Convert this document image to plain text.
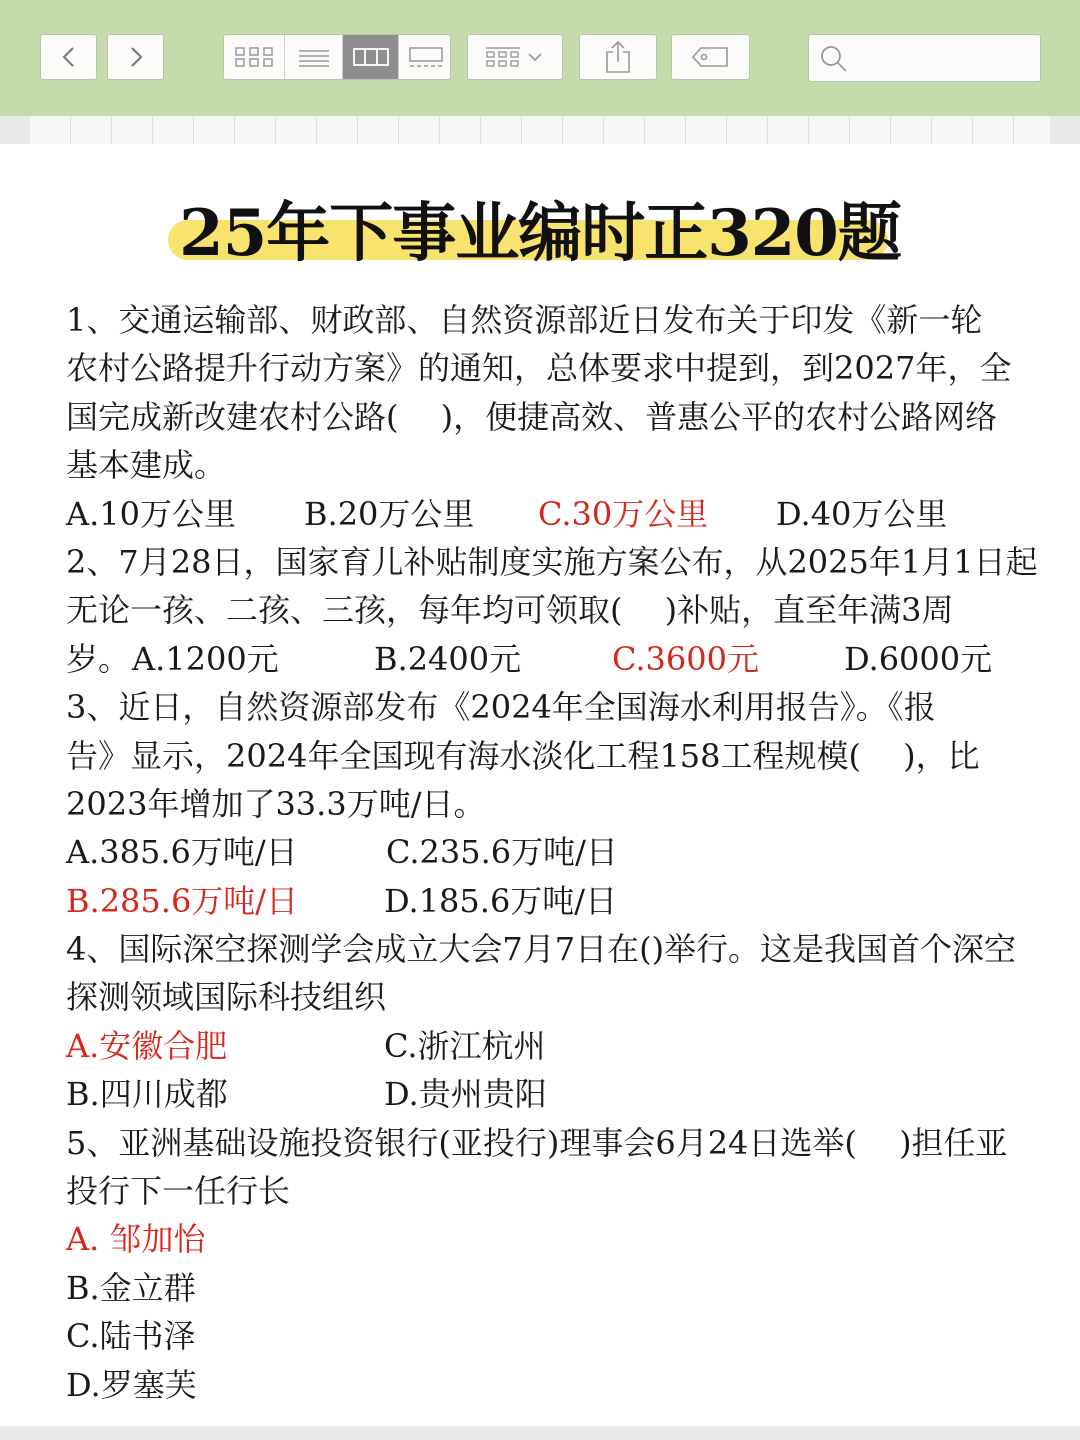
25年下事业编时正320题
1、交通运输部、财政部、自然资源部近日发布关于印发《新一轮
农村公路提升行动方案》的通知，总体要求中提到，到2027年，全
国完成新改建农村公路(　 )，便捷高效、普惠公平的农村公路网络
基本建成。
A.10万公里 B.20万公里 C.30万公里 D.40万公里
2、7月28日，国家育儿补贴制度实施方案公布，从2025年1月1日起
无论一孩、二孩、三孩，每年均可领取(　 )补贴，直至年满3周
岁。 A.1200元	B.2400元	C.3600元	D.6000元
3、近日，自然资源部发布《2024年全国海水利用报告》。《报
告》显示，2024年全国现有海水淡化工程158工程规模(　 )，比
2023年增加了33.3万吨/日。
A.385.6万吨/日	C.235.6万吨/日
B.285.6万吨/日	D.185.6万吨/日
4、国际深空探测学会成立大会7月7日在()举行。这是我国首个深空
探测领域国际科技组织
A.安徽合肥	C.浙江杭州
B.四川成都	D.贵州贵阳
5、亚洲基础设施投资银行(亚投行)理事会6月24日选举(　 )担任亚
投行下一任行长
A. 邹加怡
B.金立群
C.陆书泽
D.罗塞芙
